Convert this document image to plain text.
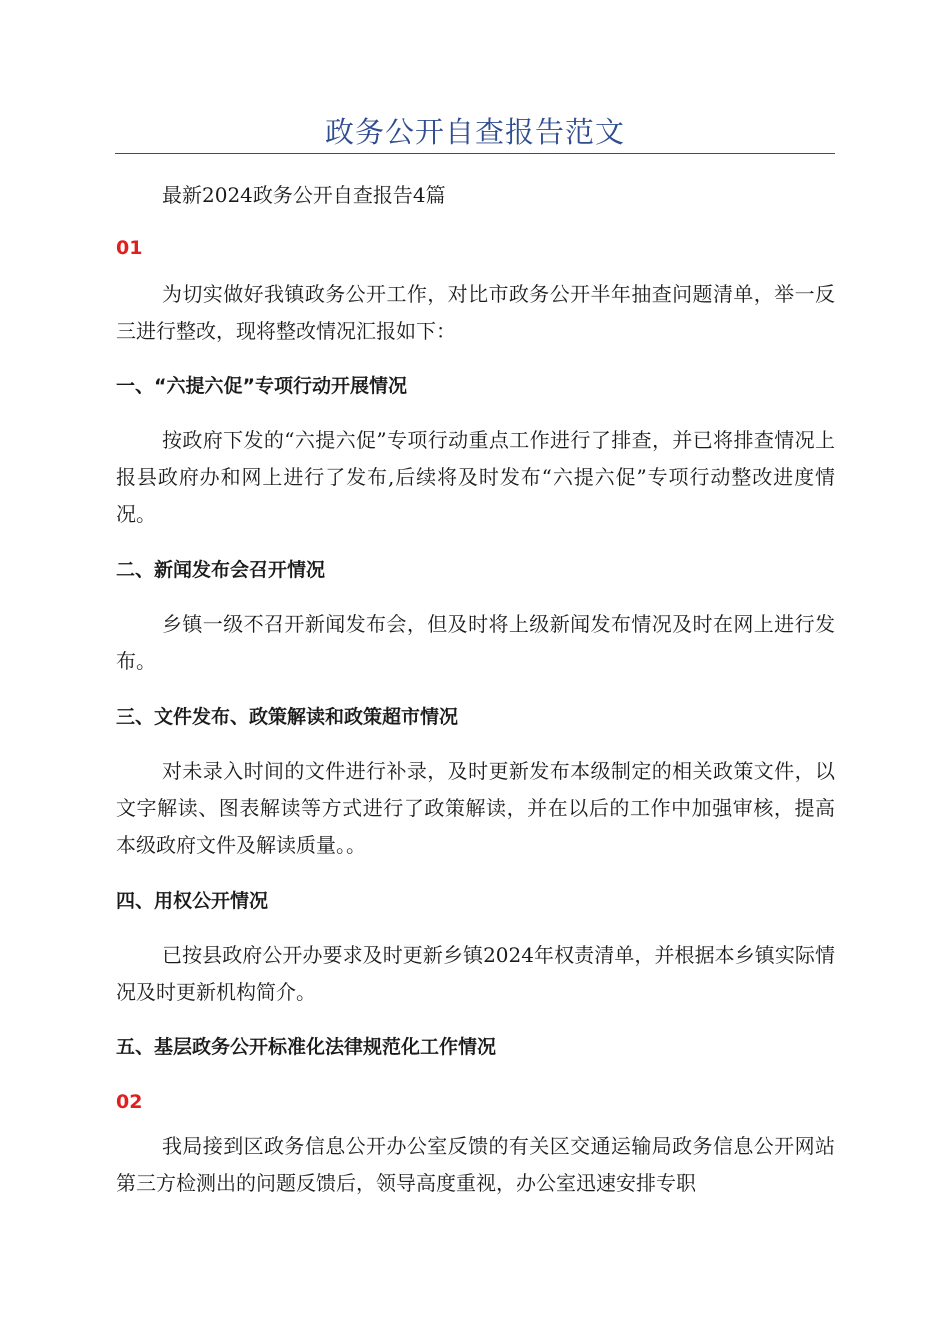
政务公开自查报告范文
最新2024政务公开自查报告4篇
01

为切实做好我镇政务公开工作，对比市政务公开半年抽查问题清单，举一反三进行整改，现将整改情况汇报如下：

一、“六提六促”专项行动开展情况

按政府下发的“六提六促”专项行动重点工作进行了排查，并已将排查情况上报县政府办和网上进行了发布,后续将及时发布“六提六促”专项行动整改进度情况。

二、新闻发布会召开情况

乡镇一级不召开新闻发布会，但及时将上级新闻发布情况及时在网上进行发布。

三、文件发布、政策解读和政策超市情况

对未录入时间的文件进行补录，及时更新发布本级制定的相关政策文件，以文字解读、图表解读等方式进行了政策解读，并在以后的工作中加强审核，提高本级政府文件及解读质量。。

四、用权公开情况

已按县政府公开办要求及时更新乡镇2024年权责清单，并根据本乡镇实际情况及时更新机构简介。

五、基层政务公开标准化法律规范化工作情况

02

我局接到区政务信息公开办公室反馈的有关区交通运输局政务信息公开网站第三方检测出的问题反馈后，领导高度重视，办公室迅速安排专职
